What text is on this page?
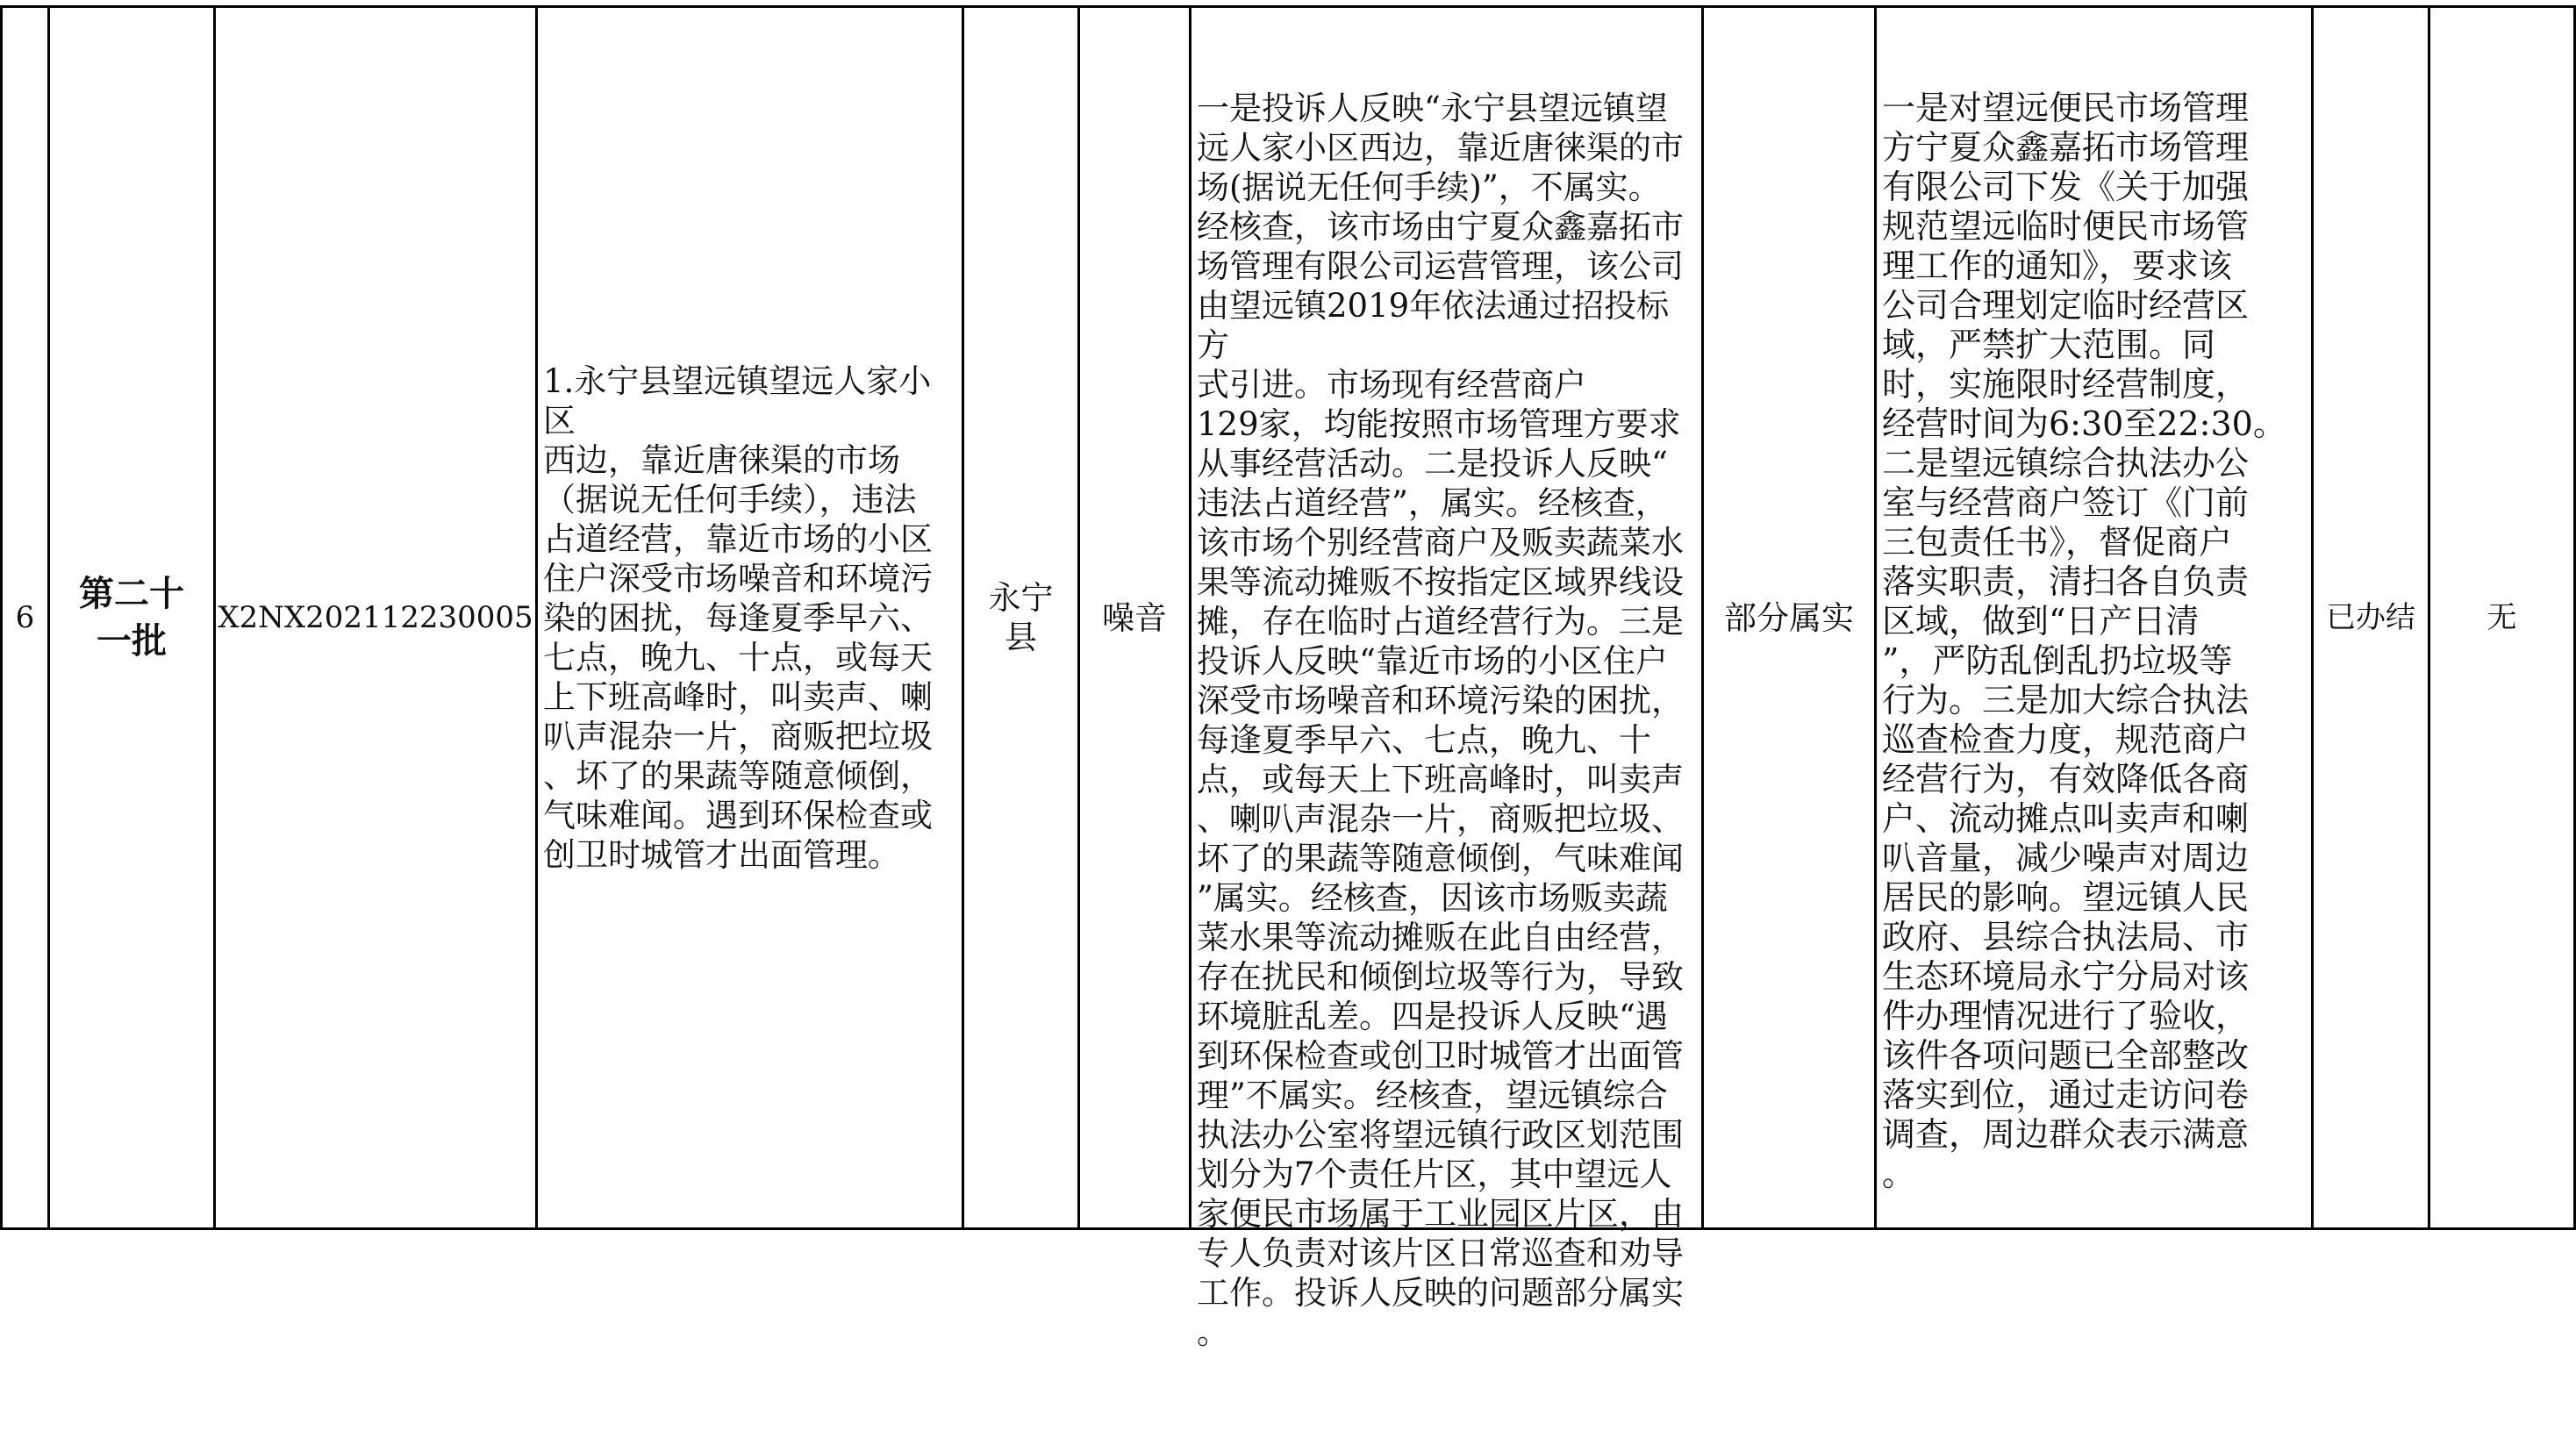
6
第二十
一批
X2NX202112230005
1.永宁县望远镇望远人家小区
西边，靠近唐徕渠的市场
（据说无任何手续），违法
占道经营，靠近市场的小区
住户深受市场噪音和环境污
染的困扰，每逢夏季早六、
七点，晚九、十点，或每天
上下班高峰时，叫卖声、喇
叭声混杂一片，商贩把垃圾
、坏了的果蔬等随意倾倒，
气味难闻。遇到环保检查或
创卫时城管才出面管理。
永宁
县
噪音

一是投诉人反映“永宁县望远镇望
远人家小区西边，靠近唐徕渠的市
场(据说无任何手续)”，不属实。
经核查，该市场由宁夏众鑫嘉拓市
场管理有限公司运营管理，该公司
由望远镇2019年依法通过招投标方
式引进。市场现有经营商户
129家，均能按照市场管理方要求
从事经营活动。二是投诉人反映“
违法占道经营”，属实。经核查，
该市场个别经营商户及贩卖蔬菜水
果等流动摊贩不按指定区域界线设
摊，存在临时占道经营行为。三是
投诉人反映“靠近市场的小区住户
深受市场噪音和环境污染的困扰，
每逢夏季早六、七点，晚九、十
点，或每天上下班高峰时，叫卖声
、喇叭声混杂一片，商贩把垃圾、
坏了的果蔬等随意倾倒，气味难闻
”属实。经核查，因该市场贩卖蔬
菜水果等流动摊贩在此自由经营，
存在扰民和倾倒垃圾等行为，导致
环境脏乱差。四是投诉人反映“遇
到环保检查或创卫时城管才出面管
理”不属实。经核查，望远镇综合
执法办公室将望远镇行政区划范围
划分为7个责任片区，其中望远人
家便民市场属于工业园区片区，由
专人负责对该片区日常巡查和劝导
工作。投诉人反映的问题部分属实
。

部分属实

一是对望远便民市场管理
方宁夏众鑫嘉拓市场管理
有限公司下发《关于加强
规范望远临时便民市场管
理工作的通知》，要求该
公司合理划定临时经营区
域，严禁扩大范围。同
时，实施限时经营制度，
经营时间为6:30至22:30。
二是望远镇综合执法办公
室与经营商户签订《门前
三包责任书》，督促商户
落实职责，清扫各自负责
区域，做到“日产日清
”，严防乱倒乱扔垃圾等
行为。三是加大综合执法
巡查检查力度，规范商户
经营行为，有效降低各商
户、流动摊点叫卖声和喇
叭音量，减少噪声对周边
居民的影响。望远镇人民
政府、县综合执法局、市
生态环境局永宁分局对该
件办理情况进行了验收，
该件各项问题已全部整改
落实到位，通过走访问卷
调查，周边群众表示满意
。

已办结 无
